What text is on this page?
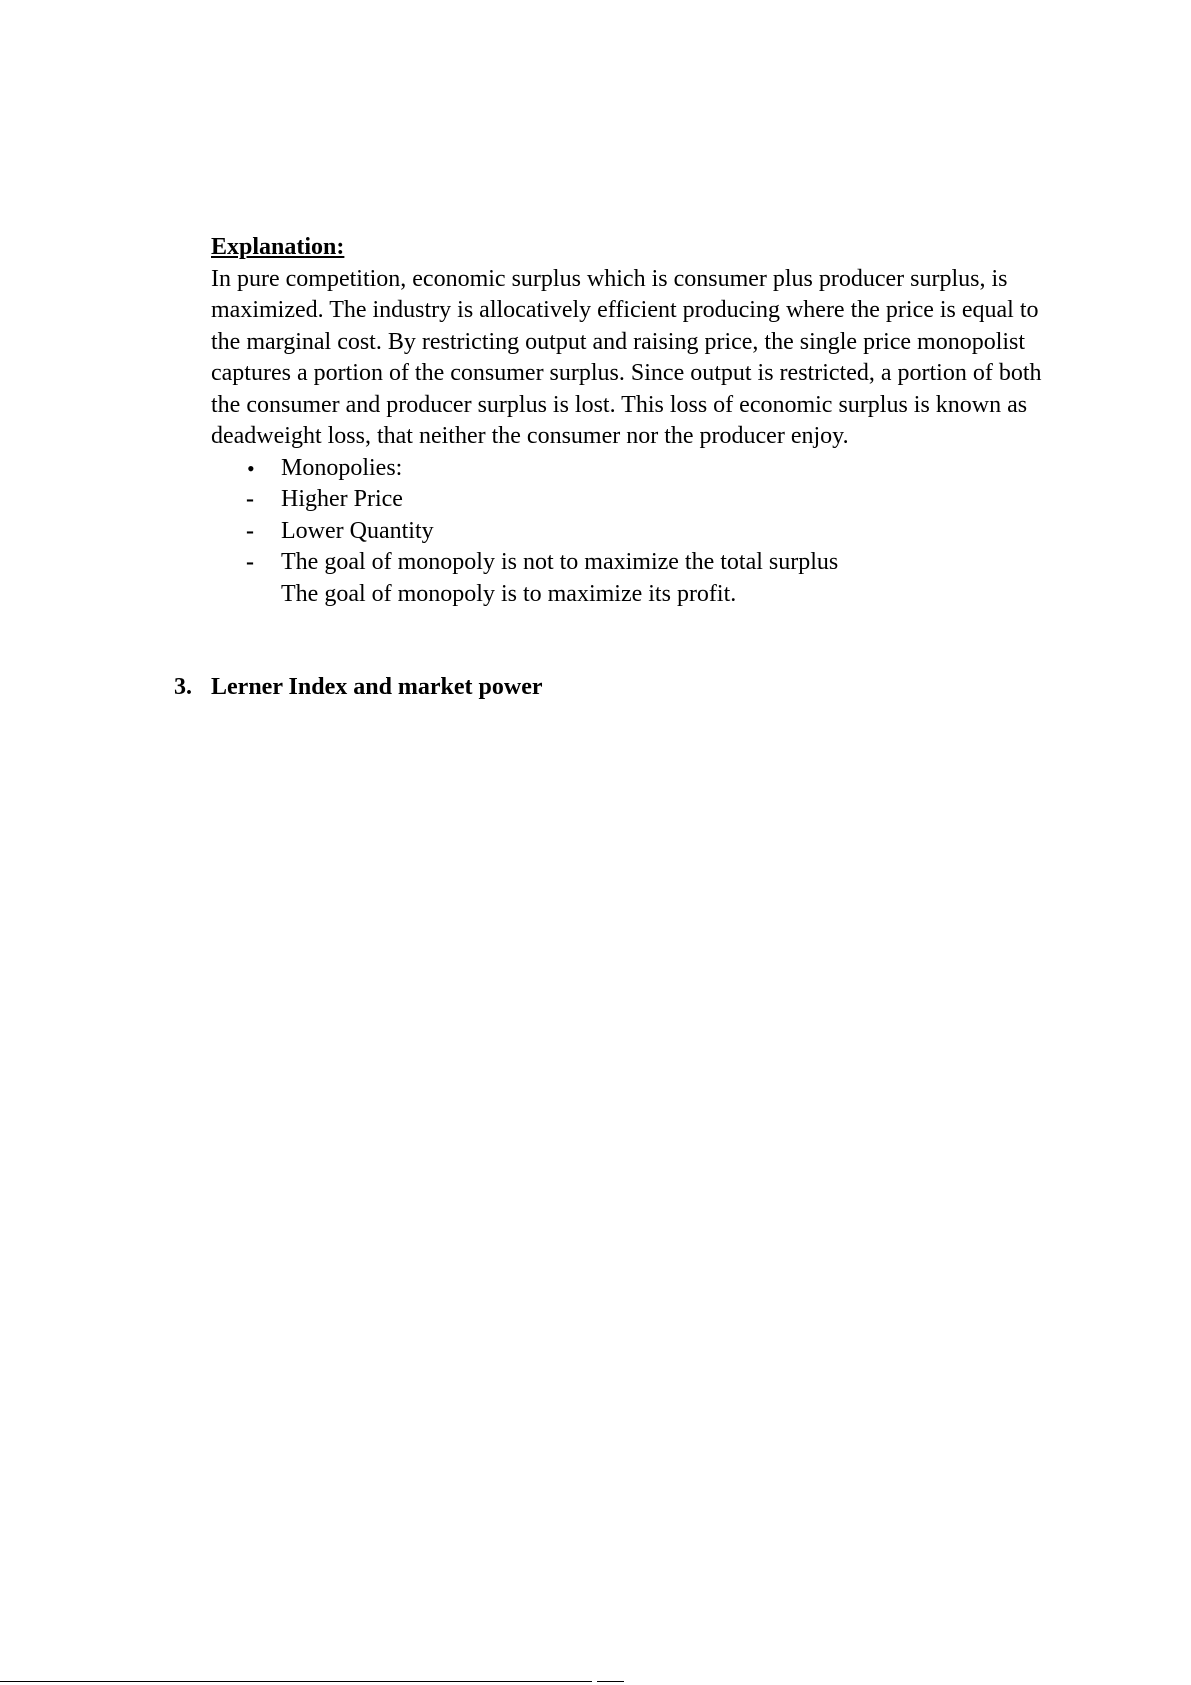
Explanation:

In pure competition, economic surplus which is consumer plus producer surplus, is maximized. The industry is allocatively efficient producing where the price is equal to the marginal cost. By restricting output and raising price, the single price monopolist captures a portion of the consumer surplus. Since output is restricted, a portion of both the consumer and producer surplus is lost. This loss of economic surplus is known as deadweight loss, that neither the consumer nor the producer enjoy.

• Monopolies:
- Higher Price
- Lower Quantity
- The goal of monopoly is not to maximize the total surplus
The goal of monopoly is to maximize its profit.
3. Lerner Index and market power
